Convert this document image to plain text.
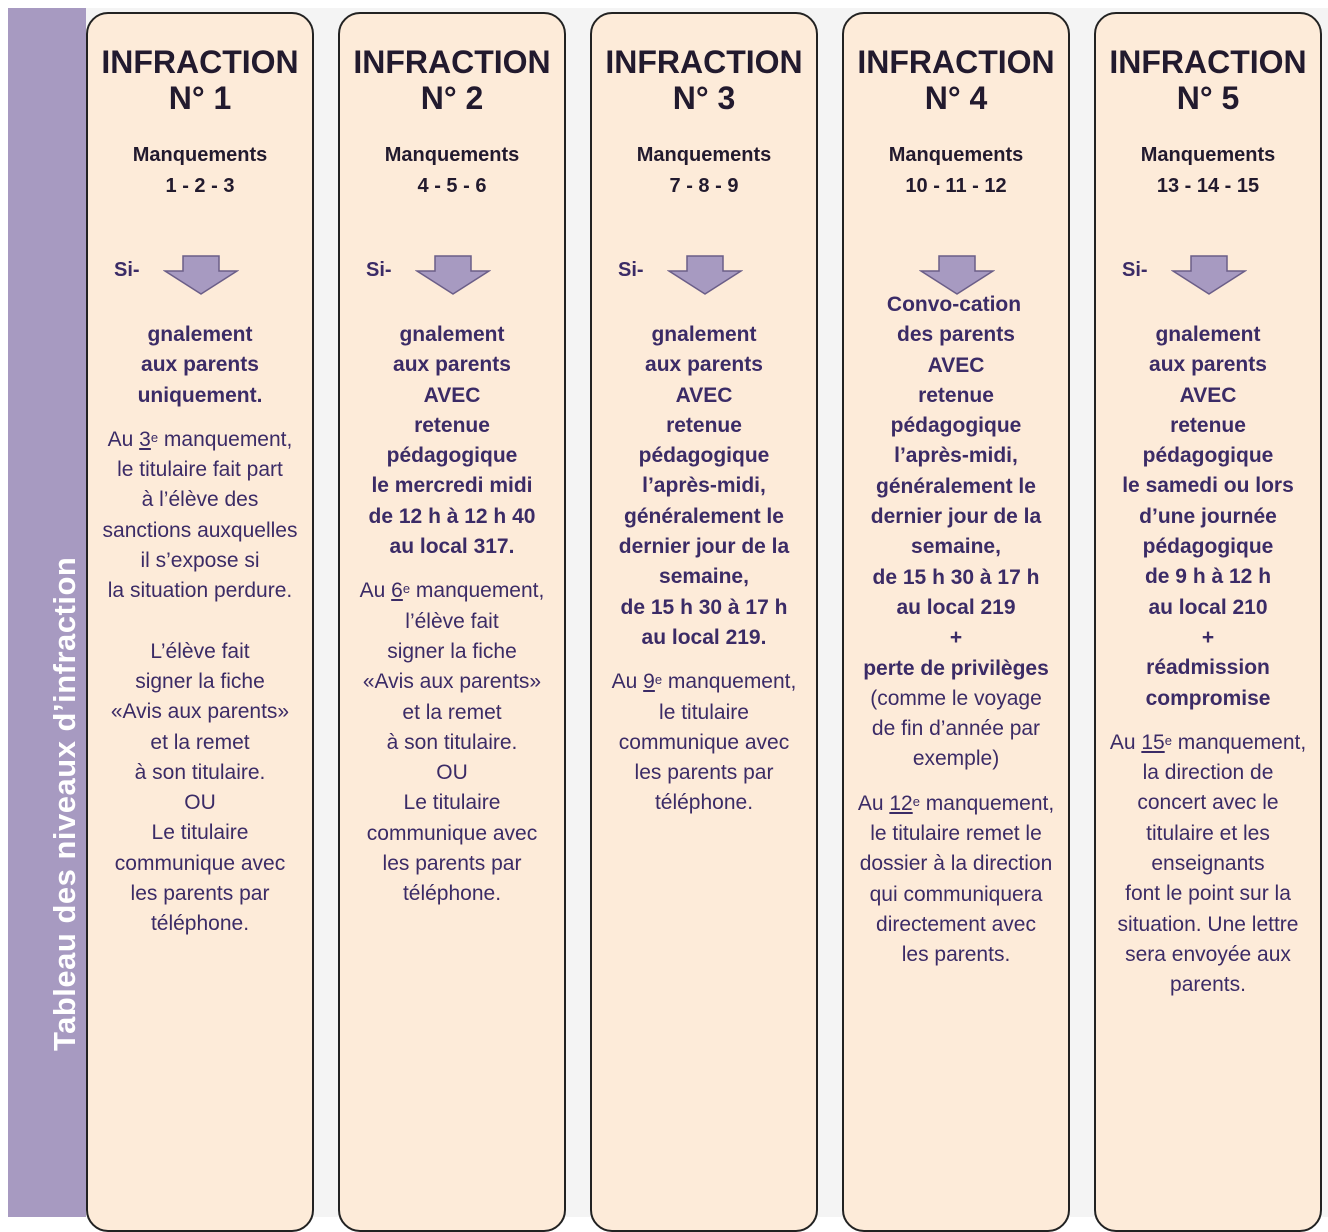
Tableau des niveaux d’infraction
INFRACTION
N° 1
Manquements
1 - 2 - 3
Si-
gnalement
aux parents
uniquement.
Au 3e manquement,
le titulaire fait part
à l’élève des
sanctions auxquelles
il s’expose si
la situation perdure.
L’élève fait
signer la fiche
«Avis aux parents»
et la remet
à son titulaire.
OU
Le titulaire
communique avec
les parents par
téléphone.
INFRACTION
N° 2
Manquements
4 - 5 - 6
Si-
gnalement
aux parents
AVEC
retenue
pédagogique
le mercredi midi
de 12 h à 12 h 40
au local 317.
Au 6e manquement,
l’élève fait
signer la fiche
«Avis aux parents»
et la remet
à son titulaire.
OU
Le titulaire
communique avec
les parents par
téléphone.
INFRACTION
N° 3
Manquements
7 - 8 - 9
Si-
gnalement
aux parents
AVEC
retenue
pédagogique
l’après-midi,
généralement le
dernier jour de la
semaine,
de 15 h 30 à 17 h
au local 219.
Au 9e manquement,
le titulaire
communique avec
les parents par
téléphone.
INFRACTION
N° 4
Manquements
10 - 11 - 12
Convo-cation
des parents
AVEC
retenue
pédagogique
l’après-midi,
généralement le
dernier jour de la
semaine,
de 15 h 30 à 17 h
au local 219
+
perte de privilèges
(comme le voyage
de fin d’année par
exemple)
Au 12e manquement,
le titulaire remet le
dossier à la direction
qui communiquera
directement avec
les parents.
INFRACTION
N° 5
Manquements
13 - 14 - 15
Si-
gnalement
aux parents
AVEC
retenue
pédagogique
le samedi ou lors
d’une journée
pédagogique
de 9 h à 12 h
au local 210
+
réadmission
compromise
Au 15e manquement,
la direction de
concert avec le
titulaire et les
enseignants
font le point sur la
situation. Une lettre
sera envoyée aux
parents.
